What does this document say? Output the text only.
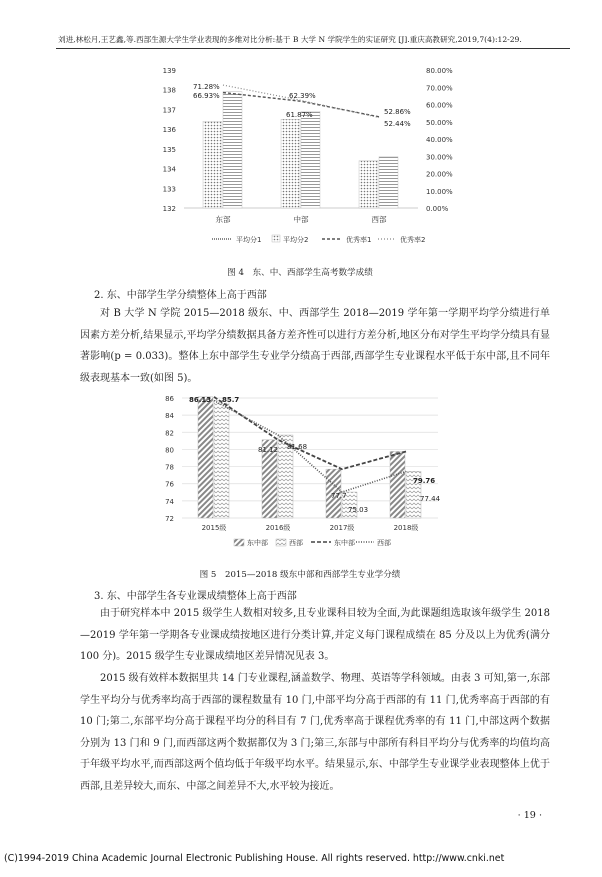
刘进,林松月,王艺鑫,等.西部生源大学生学业表现的多维对比分析:基于 B 大学 N 学院学生的实证研究 [J].重庆高教研究,2019,7(4):12-29.
132
133
134
135
136
137
138
139
0.00%
10.00%
20.00%
30.00%
40.00%
50.00%
60.00%
70.00%
80.00%
东部	中部	西部
71.28%
66.93%	62.39%
61.87%	52.86%
52.44%
平均分1	平均分2	优秀率1	优秀率2
图 4　东、中、西部学生高考数学成绩
2. 东、中部学生学分绩整体上高于西部

对 B 大学 N 学院 2015—2018 级东、中、西部学生 2018—2019 学年第一学期平均学分绩进行单因素方差分析,结果显示,平均学分绩数据具备方差齐性可以进行方差分析,地区分布对学生平均学分绩具有显著影响(p = 0.033)。整体上东中部学生专业学分绩高于西部,西部学生专业课程水平低于东中部,且不同年级表现基本一致(如图 5)。

72
74
76
78
80
82
84
86
2015级	2016级	2017级	2018级
86.13 85.7
81.12 81.68
77.7
75.03
79.76
77.44
东中部	西部	东中部	西部
图 5　2015—2018 级东中部和西部学生专业学分绩
3. 东、中部学生各专业课成绩整体上高于西部

由于研究样本中 2015 级学生人数相对较多,且专业课科目较为全面,为此课题组选取该年级学生 2018—2019 学年第一学期各专业课成绩按地区进行分类计算,并定义每门课程成绩在 85 分及以上为优秀(满分 100 分)。2015 级学生专业课成绩地区差异情况见表 3。

2015 级有效样本数据里共 14 门专业课程,涵盖数学、物理、英语等学科领域。由表 3 可知,第一,东部学生平均分与优秀率均高于西部的课程数量有 10 门,中部平均分高于西部的有 11 门,优秀率高于西部的有 10 门;第二,东部平均分高于课程平均分的科目有 7 门,优秀率高于课程优秀率的有 11 门,中部这两个数据分别为 13 门和 9 门,而西部这两个数据都仅为 3 门;第三,东部与中部所有科目平均分与优秀率的均值均高于年级平均水平,而西部这两个值均低于年级平均水平。结果显示,东、中部学生专业课学业表现整体上优于西部,且差异较大,而东、中部之间差异不大,水平较为接近。

· 19 ·
(C)1994-2019 China Academic Journal Electronic Publishing House. All rights reserved. http://www.cnki.net
